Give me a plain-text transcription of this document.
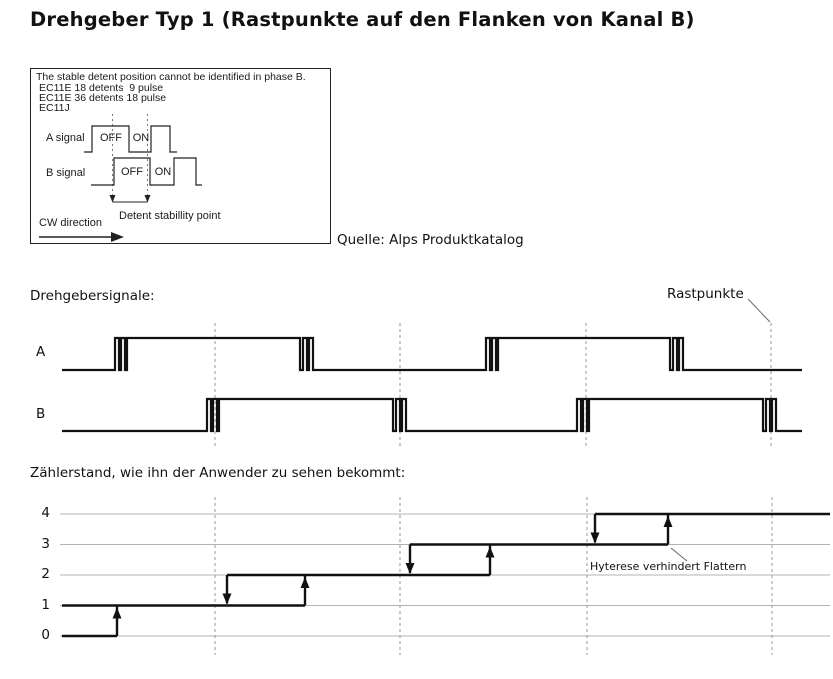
Drehgeber Typ 1 (Rastpunkte auf den Flanken von Kanal B)
The stable detent position cannot be identified in phase B.
EC11E 18 detents  9 pulse
EC11E 36 detents 18 pulse
EC11J
A signal
B signal
OFF ON
OFF	ON
CW direction
Detent stabillity point
Quelle: Alps Produktkatalog
Drehgebersignale:	Rastpunkte
A
B
Zählerstand, wie ihn der Anwender zu sehen bekommt:
Hyterese verhindert Flattern
0
1
2
3
4
